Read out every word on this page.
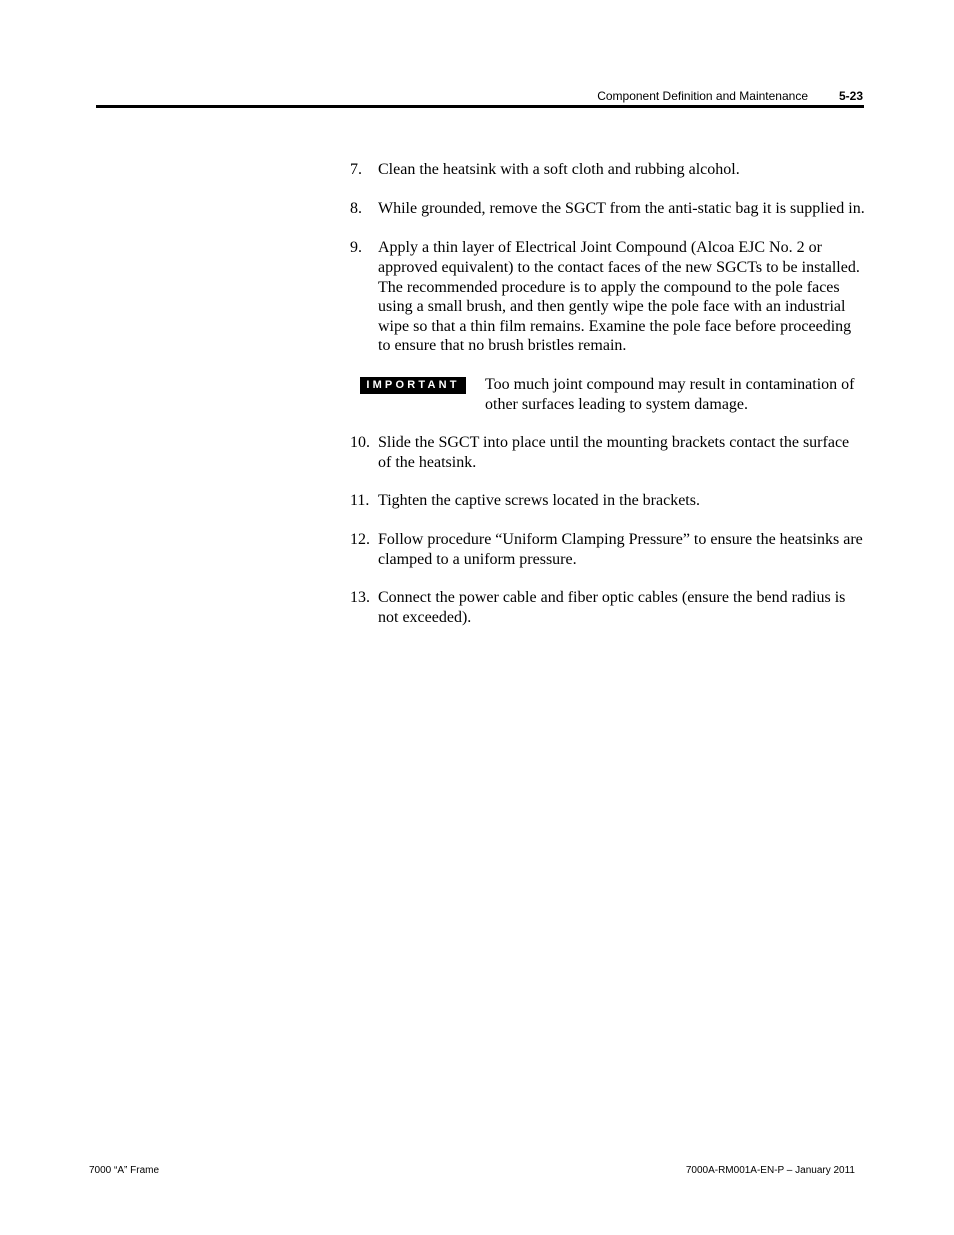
Component Definition and Maintenance	5-23
7.	Clean the heatsink with a soft cloth and rubbing alcohol.
8.	While grounded, remove the SGCT from the anti-static bag it is supplied in.
9.	Apply a thin layer of Electrical Joint Compound (Alcoa EJC No. 2 or approved equivalent) to the contact faces of the new SGCTs to be installed. The recommended procedure is to apply the compound to the pole faces using a small brush, and then gently wipe the pole face with an industrial wipe so that a thin film remains. Examine the pole face before proceeding to ensure that no brush bristles remain.
IMPORTANT	Too much joint compound may result in contamination of other surfaces leading to system damage.
10. Slide the SGCT into place until the mounting brackets contact the surface of the heatsink.
11. Tighten the captive screws located in the brackets.
12. Follow procedure “Uniform Clamping Pressure” to ensure the heatsinks are clamped to a uniform pressure.
13. Connect the power cable and fiber optic cables (ensure the bend radius is not exceeded).
7000 “A” Frame	7000A-RM001A-EN-P – January 2011
